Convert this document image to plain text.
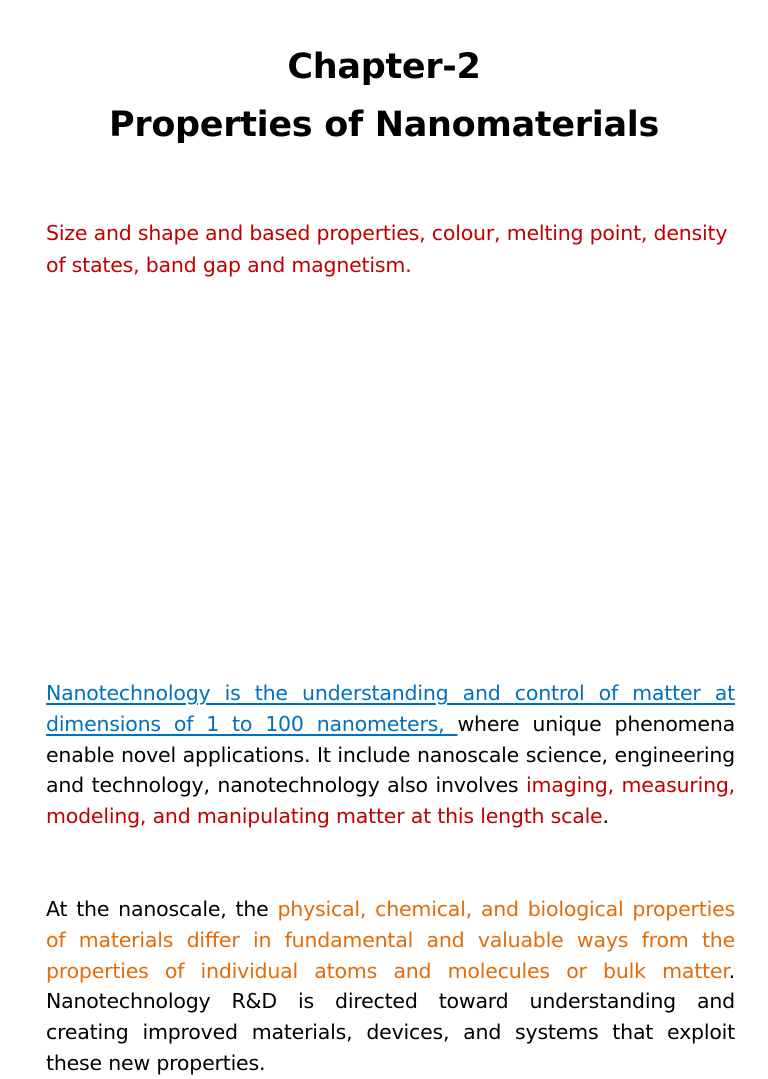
Chapter-2
Properties of Nanomaterials

Size and shape and based properties, colour, melting point, density of states, band gap and magnetism.

Nanotechnology is the understanding and control of matter at dimensions of 1 to 100 nanometers, where unique phenomena enable novel applications. It include nanoscale science, engineering and technology, nanotechnology also involves imaging, measuring, modeling, and manipulating matter at this length scale.

At the nanoscale, the physical, chemical, and biological properties of materials differ in fundamental and valuable ways from the properties of individual atoms and molecules or bulk matter. Nanotechnology R&D is directed toward understanding and creating improved materials, devices, and systems that exploit these new properties.
